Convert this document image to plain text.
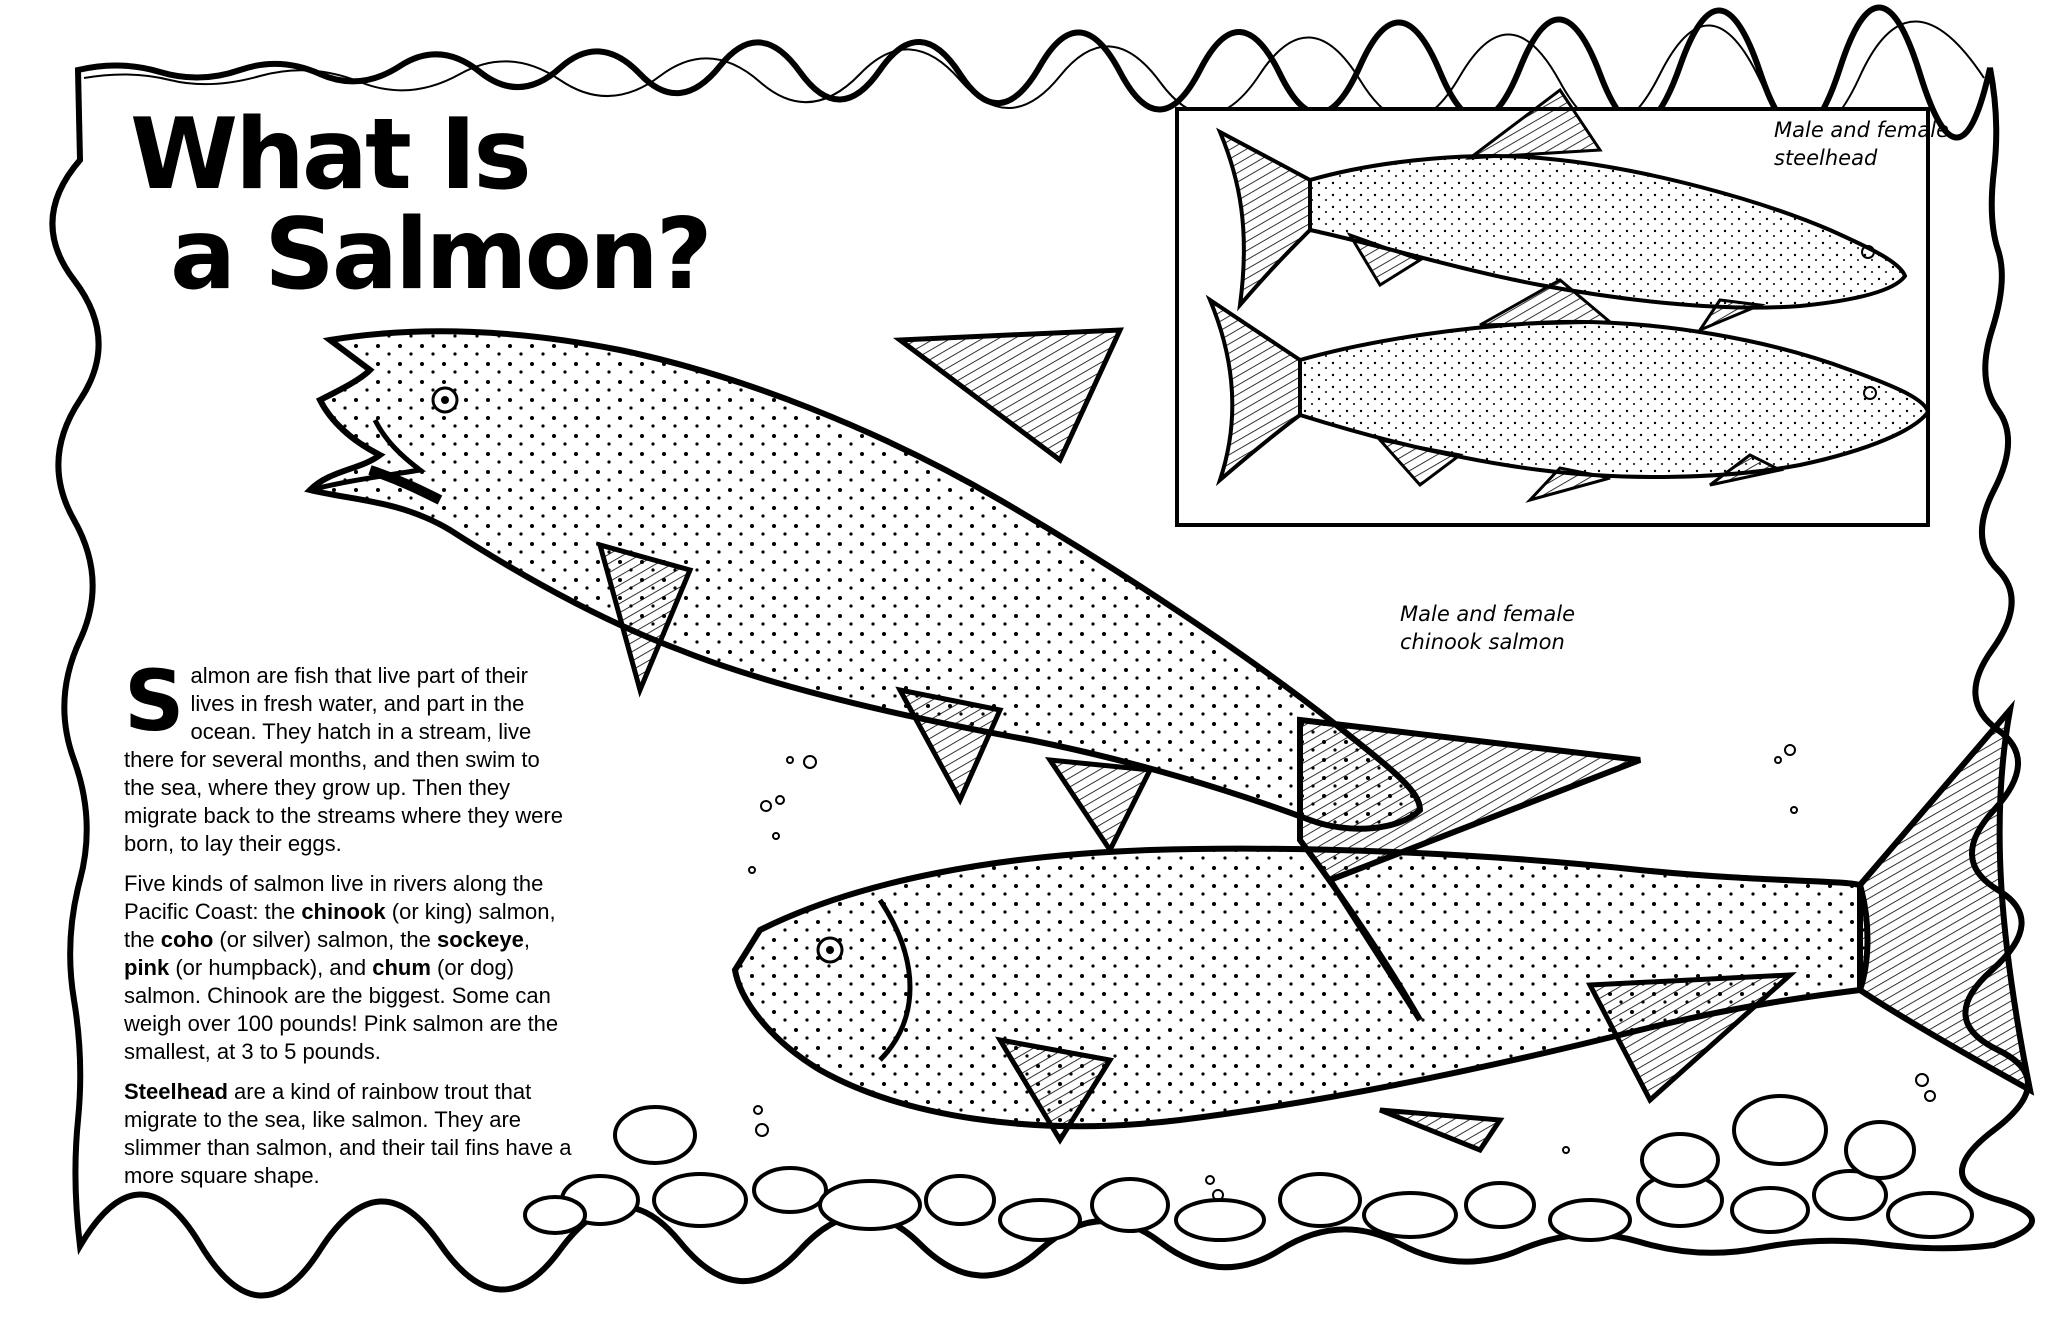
What Is
a Salmon?
Male and female
steelhead
Male and female
chinook salmon

Salmon are fish that live part of their lives in fresh water, and part in the ocean. They hatch in a stream, live there for several months, and then swim to the sea, where they grow up. Then they migrate back to the streams where they were born, to lay their eggs.

Five kinds of salmon live in rivers along the Pacific Coast: the chinook (or king) salmon, the coho (or silver) salmon, the sockeye, pink (or humpback), and chum (or dog) salmon. Chinook are the biggest. Some can weigh over 100 pounds! Pink salmon are the smallest, at 3 to 5 pounds.

Steelhead are a kind of rainbow trout that migrate to the sea, like salmon. They are slimmer than salmon, and their tail fins have a more square shape.
